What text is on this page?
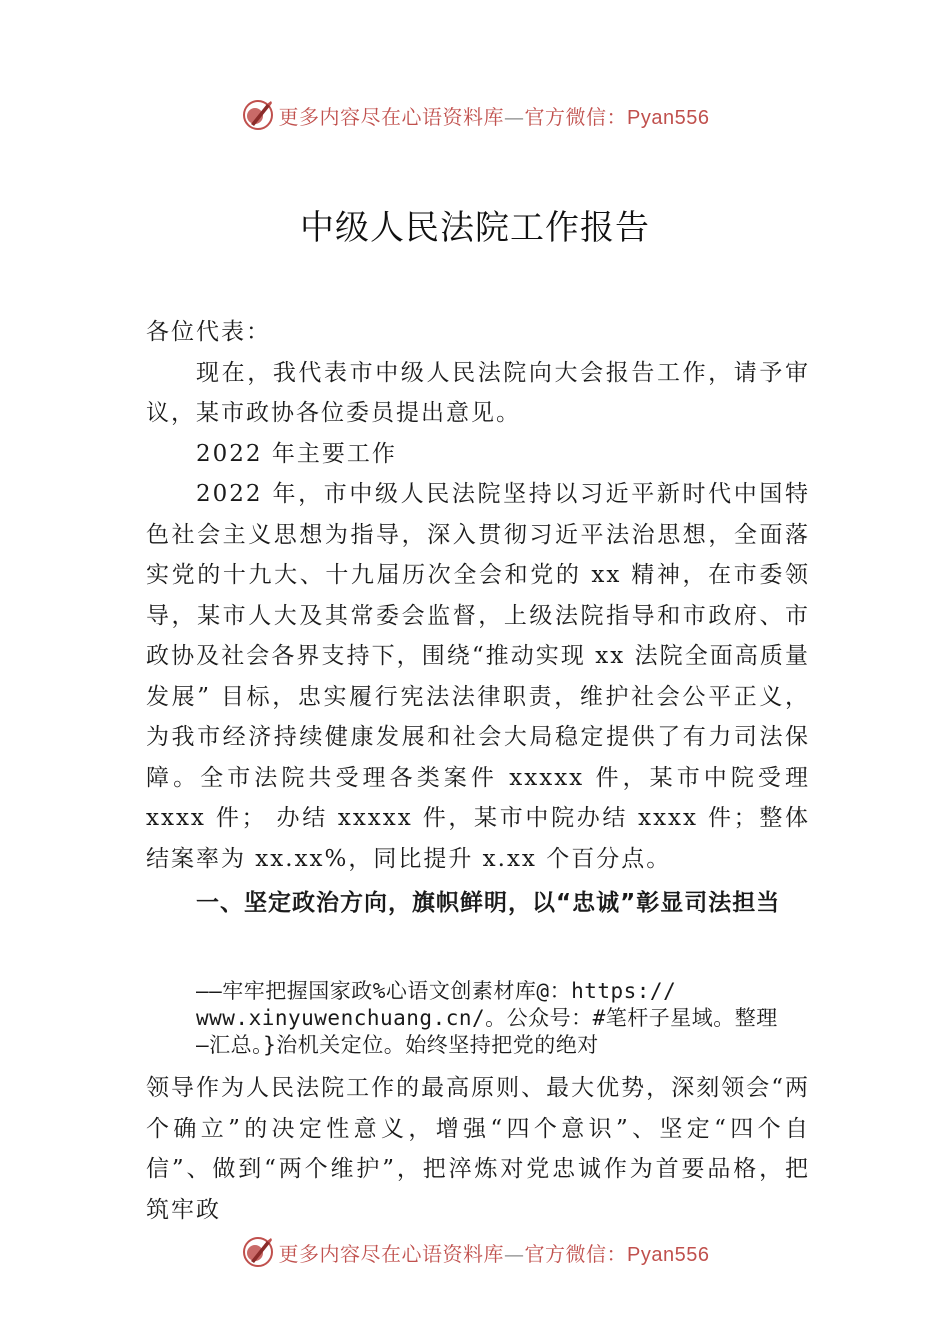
更多内容尽在心语资料库—官方微信：Pyan556
中级人民法院工作报告

各位代表：

现在，我代表市中级人民法院向大会报告工作，请予审议，某市政协各位委员提出意见。

2022 年主要工作

2022 年，市中级人民法院坚持以习近平新时代中国特色社会主义思想为指导，深入贯彻习近平法治思想，全面落实党的十九大、十九届历次全会和党的 xx 精神，在市委领导，某市人大及其常委会监督，上级法院指导和市政府、市政协及社会各界支持下，围绕“推动实现 xx 法院全面高质量发展” 目标，忠实履行宪法法律职责，维护社会公平正义，为我市经济持续健康发展和社会大局稳定提供了有力司法保障。全市法院共受理各类案件 xxxxx 件，某市中院受理 xxxx 件； 办结 xxxxx 件，某市中院办结 xxxx 件；整体结案率为 xx.xx%，同比提升 x.xx 个百分点。

一、坚定政治方向，旗帜鲜明，以“忠诚”彰显司法担当

——牢牢把握国家政%心语文创素材库@：https://
www.xinyuwenchuang.cn/。公众号：#笔杆子星域。整理
—汇总。}治机关定位。始终坚持把党的绝对

领导作为人民法院工作的最高原则、最大优势，深刻领会“两个确立”的决定性意义，增强“四个意识”、坚定“四个自信”、做到“两个维护”，把淬炼对党忠诚作为首要品格，把筑牢政

更多内容尽在心语资料库—官方微信：Pyan556
